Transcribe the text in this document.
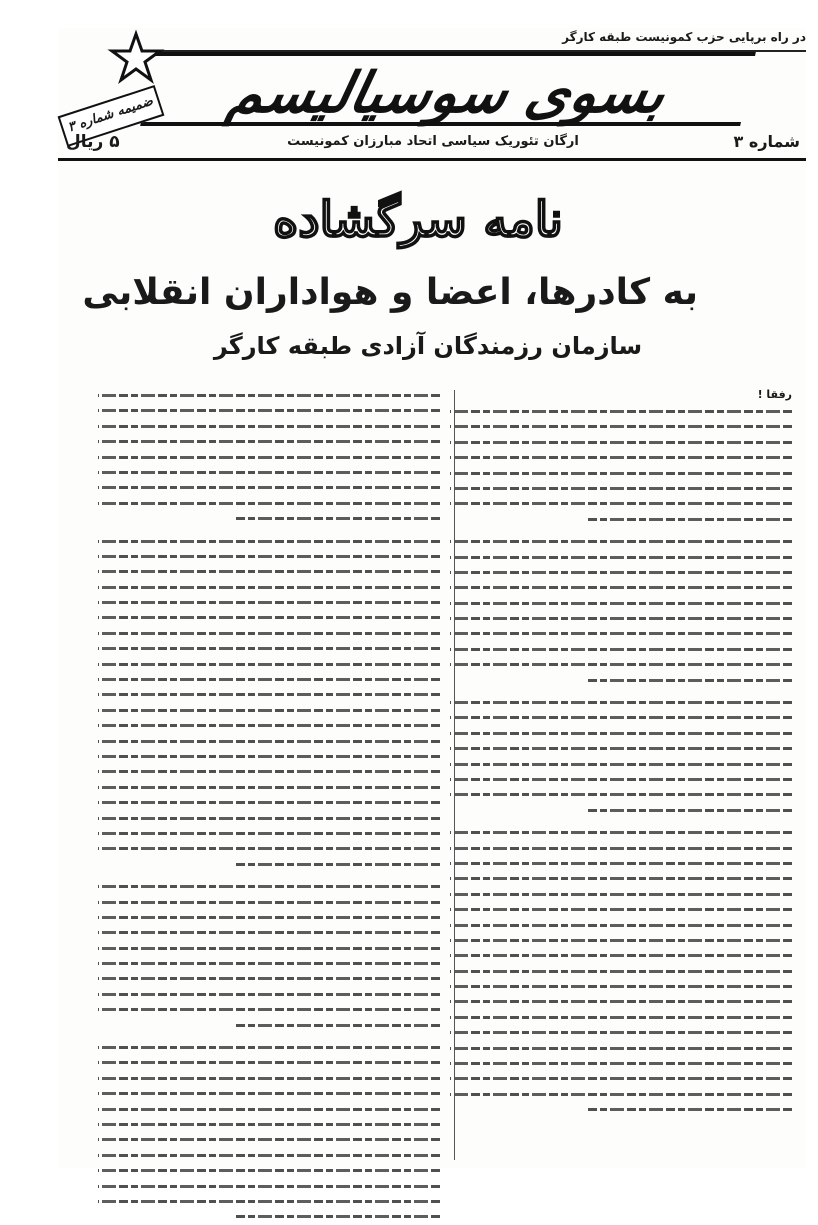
در راه برپایی حزب کمونیست طبقه کارگر
بسوی سوسیالیسم
ضمیمه شماره ۳
۵ ریال	ارگان تئوریک سیاسی اتحاد مبارزان کمونیست	شماره ۳
نامه سرگشاده
به کادرها، اعضا و هواداران انقلابی
سازمان رزمندگان آزادی طبقه کارگر

رفقا !
